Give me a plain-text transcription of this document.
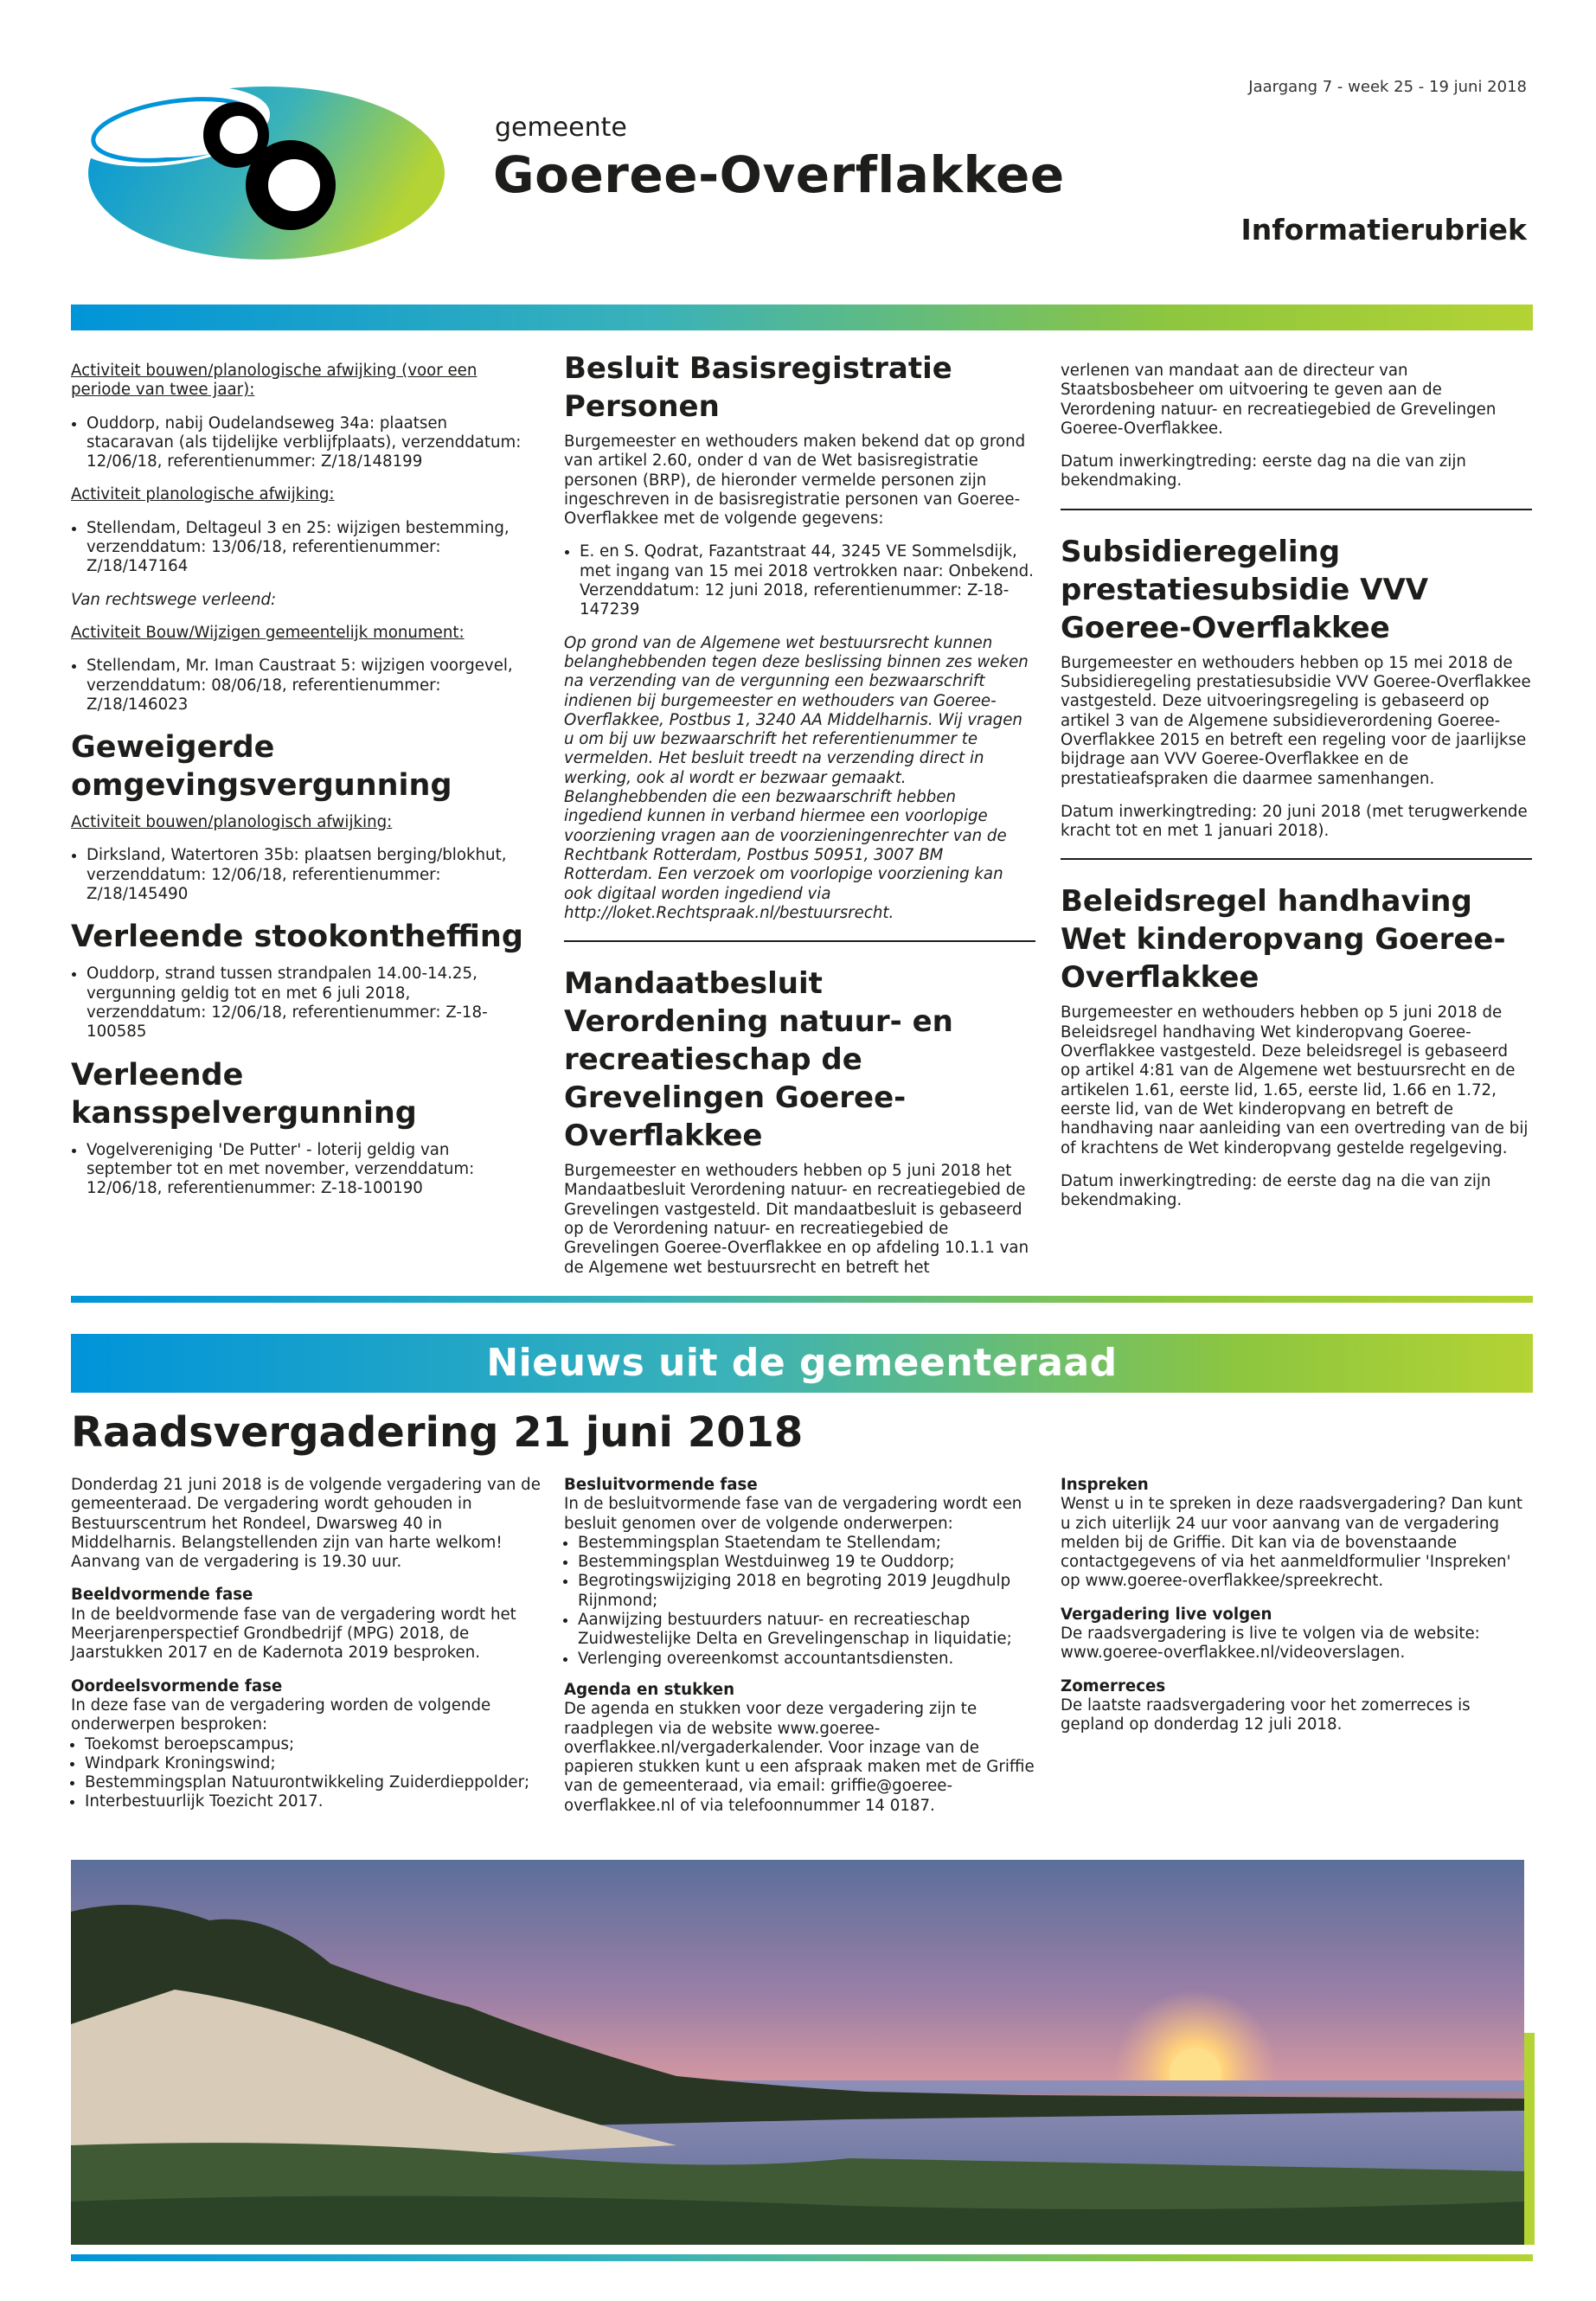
Jaargang 7 - week 25 - 19 juni 2018
gemeente
Goeree-Overflakkee
Informatierubriek

Activiteit bouwen/planologische afwijking (voor een periode van twee jaar):

• Ouddorp, nabij Oudelandseweg 34a: plaatsen stacaravan (als tijdelijke verblijfplaats), verzenddatum: 12/06/18, referentienummer: Z/18/148199

Activiteit planologische afwijking:

• Stellendam, Deltageul 3 en 25: wijzigen bestemming, verzenddatum: 13/06/18, referentienummer: Z/18/147164

Van rechtswege verleend:

Activiteit Bouw/Wijzigen gemeentelijk monument:

• Stellendam, Mr. Iman Caustraat 5: wijzigen voorgevel, verzenddatum: 08/06/18, referentienummer: Z/18/146023
Geweigerde omgevingsvergunning

Activiteit bouwen/planologisch afwijking:

• Dirksland, Watertoren 35b: plaatsen berging/blokhut, verzenddatum: 12/06/18, referentienummer: Z/18/145490
Verleende stookontheffing
• Ouddorp, strand tussen strandpalen 14.00-14.25, vergunning geldig tot en met 6 juli 2018, verzenddatum: 12/06/18, referentienummer: Z-18-100585
Verleende kansspelvergunning
• Vogelvereniging 'De Putter' - loterij geldig van september tot en met november, verzenddatum: 12/06/18, referentienummer: Z-18-100190
Besluit Basisregistratie Personen

Burgemeester en wethouders maken bekend dat op grond van artikel 2.60, onder d van de Wet basisregistratie personen (BRP), de hieronder vermelde personen zijn ingeschreven in de basisregistratie personen van Goeree-Overflakkee met de volgende gegevens:

• E. en S. Qodrat, Fazantstraat 44, 3245 VE Sommelsdijk, met ingang van 15 mei 2018 vertrokken naar: Onbekend. Verzenddatum: 12 juni 2018, referentienummer: Z-18-147239

Op grond van de Algemene wet bestuursrecht kunnen belanghebbenden tegen deze beslissing binnen zes weken na verzending van de vergunning een bezwaarschrift indienen bij burgemeester en wethouders van Goeree-Overflakkee, Postbus 1, 3240 AA Middelharnis. Wij vragen u om bij uw bezwaarschrift het referentienummer te vermelden. Het besluit treedt na verzending direct in werking, ook al wordt er bezwaar gemaakt. Belanghebbenden die een bezwaarschrift hebben ingediend kunnen in verband hiermee een voorlopige voorziening vragen aan de voorzieningenrechter van de Rechtbank Rotterdam, Postbus 50951, 3007 BM Rotterdam. Een verzoek om voorlopige voorziening kan ook digitaal worden ingediend via http://loket.Rechtspraak.nl/bestuursrecht.

Mandaatbesluit Verordening natuur- en recreatieschap de Grevelingen Goeree-Overflakkee

Burgemeester en wethouders hebben op 5 juni 2018 het Mandaatbesluit Verordening natuur- en recreatiegebied de Grevelingen vastgesteld. Dit mandaatbesluit is gebaseerd op de Verordening natuur- en recreatiegebied de Grevelingen Goeree-Overflakkee en op afdeling 10.1.1 van de Algemene wet bestuursrecht en betreft het

verlenen van mandaat aan de directeur van Staatsbosbeheer om uitvoering te geven aan de Verordening natuur- en recreatiegebied de Grevelingen Goeree-Overflakkee.

Datum inwerkingtreding: eerste dag na die van zijn bekendmaking.

Subsidieregeling prestatiesubsidie VVV Goeree-Overflakkee

Burgemeester en wethouders hebben op 15 mei 2018 de Subsidieregeling prestatiesubsidie VVV Goeree-Overflakkee vastgesteld. Deze uitvoeringsregeling is gebaseerd op artikel 3 van de Algemene subsidieverordening Goeree-Overflakkee 2015 en betreft een regeling voor de jaarlijkse bijdrage aan VVV Goeree-Overflakkee en de prestatieafspraken die daarmee samenhangen.

Datum inwerkingtreding: 20 juni 2018 (met terugwerkende kracht tot en met 1 januari 2018).

Beleidsregel handhaving Wet kinderopvang Goeree-Overflakkee

Burgemeester en wethouders hebben op 5 juni 2018 de Beleidsregel handhaving Wet kinderopvang Goeree-Overflakkee vastgesteld. Deze beleidsregel is gebaseerd op artikel 4:81 van de Algemene wet bestuursrecht en de artikelen 1.61, eerste lid, 1.65, eerste lid, 1.66 en 1.72, eerste lid, van de Wet kinderopvang en betreft de handhaving naar aanleiding van een overtreding van de bij of krachtens de Wet kinderopvang gestelde regelgeving.

Datum inwerkingtreding: de eerste dag na die van zijn bekendmaking.

Nieuws uit de gemeenteraad
Raadsvergadering 21 juni 2018

Donderdag 21 juni 2018 is de volgende vergadering van de gemeenteraad. De vergadering wordt gehouden in Bestuurscentrum het Rondeel, Dwarsweg 40 in Middelharnis. Belangstellenden zijn van harte welkom! Aanvang van de vergadering is 19.30 uur.

Beeldvormende fase

In de beeldvormende fase van de vergadering wordt het Meerjarenperspectief Grondbedrijf (MPG) 2018, de Jaarstukken 2017 en de Kadernota 2019 besproken.

Oordeelsvormende fase
In deze fase van de vergadering worden de volgende onderwerpen besproken:
• Toekomst beroepscampus;
• Windpark Kroningswind;
• Bestemmingsplan Natuurontwikkeling Zuiderdieppolder;
• Interbestuurlijk Toezicht 2017.
Besluitvormende fase
In de besluitvormende fase van de vergadering wordt een besluit genomen over de volgende onderwerpen:
• Bestemmingsplan Staetendam te Stellendam;
• Bestemmingsplan Westduinweg 19 te Ouddorp;
• Begrotingswijziging 2018 en begroting 2019 Jeugdhulp Rijnmond;
• Aanwijzing bestuurders natuur- en recreatieschap Zuidwestelijke Delta en Grevelingenschap in liquidatie;
• Verlenging overeenkomst accountantsdiensten.
Agenda en stukken

De agenda en stukken voor deze vergadering zijn te raadplegen via de website www.goeree-overflakkee.nl/vergaderkalender. Voor inzage van de papieren stukken kunt u een afspraak maken met de Griffie van de gemeenteraad, via email: griffie@goeree-overflakkee.nl of via telefoonnummer 14 0187.

Inspreken

Wenst u in te spreken in deze raadsvergadering? Dan kunt u zich uiterlijk 24 uur voor aanvang van de vergadering melden bij de Griffie. Dit kan via de bovenstaande contactgegevens of via het aanmeldformulier 'Inspreken' op www.goeree-overflakkee/spreekrecht.

Vergadering live volgen

De raadsvergadering is live te volgen via de website: www.goeree-overflakkee.nl/videoverslagen.

Zomerreces

De laatste raadsvergadering voor het zomerreces is gepland op donderdag 12 juli 2018.
